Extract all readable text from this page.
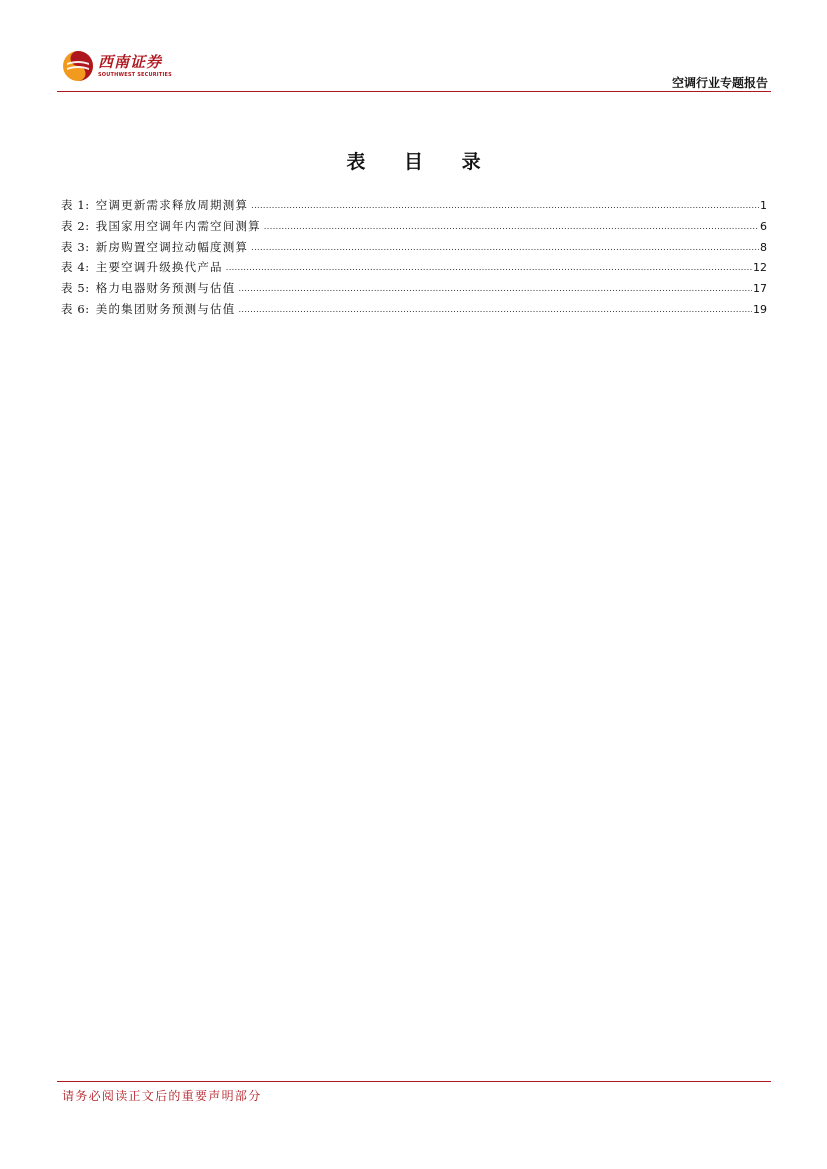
西南证券
SOUTHWEST SECURITIES
空调行业专题报告
表 目 录
表 1: 空调更新需求释放周期测算 .....	1
表 2: 我国家用空调年内需空间测算 .....	6
表 3: 新房购置空调拉动幅度测算 .....	8
表 4: 主要空调升级换代产品 .....	12
表 5: 格力电器财务预测与估值 .....	17
表 6: 美的集团财务预测与估值 .....	19
请务必阅读正文后的重要声明部分
